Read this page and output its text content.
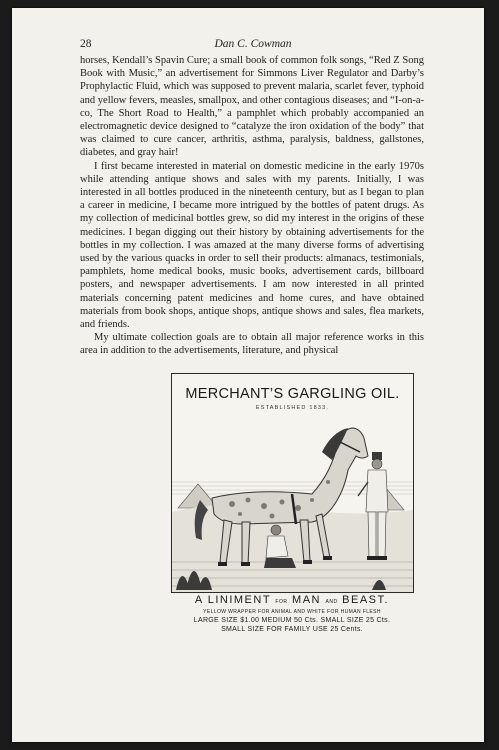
28	Dan C. Cowman

horses, Kendall’s Spavin Cure; a small book of common folk songs, “Red Z Song Book with Music,” an advertisement for Simmons Liver Regulator and Darby’s Prophylactic Fluid, which was supposed to prevent malaria, scarlet fever, typhoid and yellow fevers, measles, smallpox, and other contagious diseases; and “I-on-a-co, The Short Road to Health,” a pamphlet which probably accompanied an electromagnetic device designed to “catalyze the iron oxidation of the body” that was claimed to cure cancer, arthritis, asthma, paralysis, baldness, gallstones, diabetes, and gray hair!

I first became interested in material on domestic medicine in the early 1970s while attending antique shows and sales with my parents. Initially, I was interested in all bottles produced in the nineteenth century, but as I began to plan a career in medicine, I became more intrigued by the bottles of patent drugs. As my collection of medicinal bottles grew, so did my interest in the origins of these medicines. I began digging out their history by obtaining advertisements for the bottles in my collection. I was amazed at the many diverse forms of advertising used by the various quacks in order to sell their products: almanacs, testimonials, pamphlets, home medical books, music books, advertisement cards, billboard posters, and newspaper advertisements. I am now interested in all printed materials concerning patent medicines and home cures, and have obtained materials from book shops, antique shops, antique shows and sales, flea markets, and friends.

My ultimate collection goals are to obtain all major reference works in this area in addition to the advertisements, literature, and physical

MERCHANT’S GARGLING OIL.
ESTABLISHED 1833.
A LINIMENT FOR MAN AND BEAST.
YELLOW WRAPPER FOR ANIMAL AND WHITE FOR HUMAN FLESH
LARGE SIZE $1.00 MEDIUM 50 Cts. SMALL SIZE 25 Cts.
SMALL SIZE FOR FAMILY USE 25 Cents.
